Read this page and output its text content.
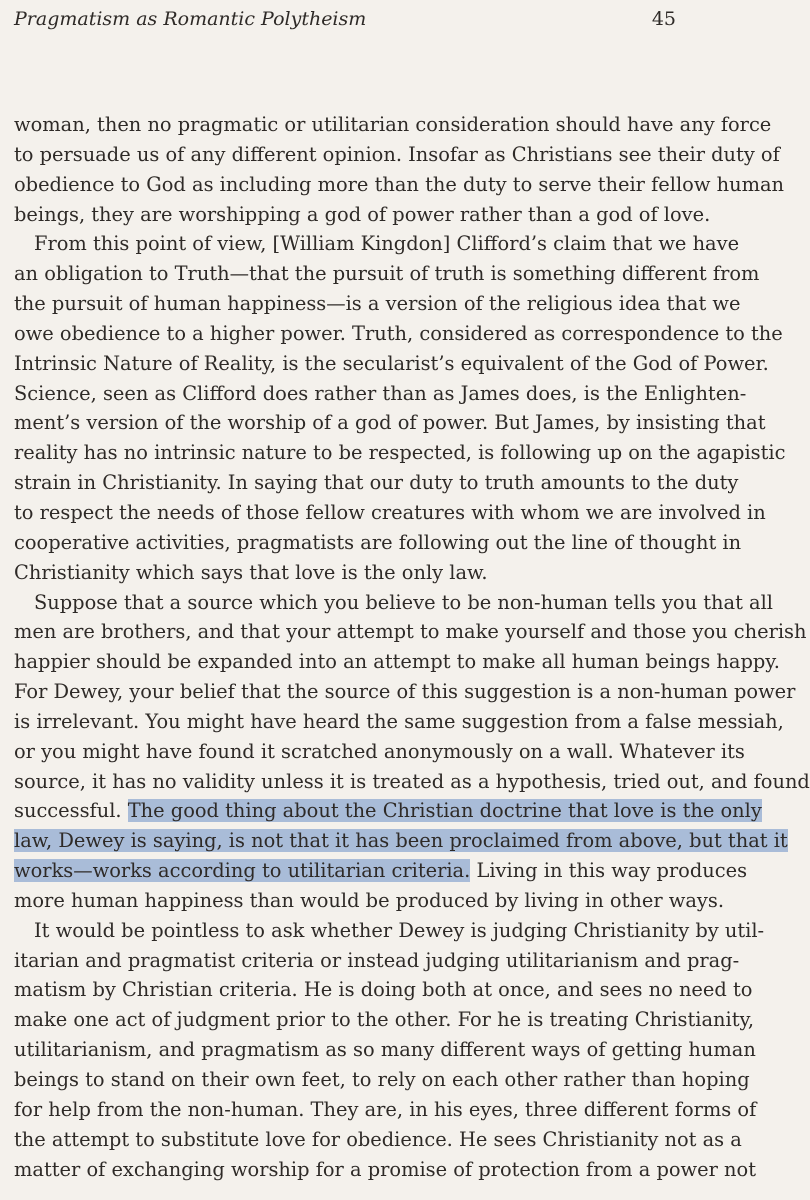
Pragmatism as Romantic Polytheism	45
woman, then no pragmatic or utilitarian consideration should have any force
to persuade us of any different opinion. Insofar as Christians see their duty of
obedience to God as including more than the duty to serve their fellow human
beings, they are worshipping a god of power rather than a god of love.
From this point of view, [William Kingdon] Clifford’s claim that we have
an obligation to Truth—that the pursuit of truth is something different from
the pursuit of human happiness—is a version of the religious idea that we
owe obedience to a higher power. Truth, considered as correspondence to the
Intrinsic Nature of Reality, is the secularist’s equivalent of the God of Power.
Science, seen as Clifford does rather than as James does, is the Enlighten-
ment’s version of the worship of a god of power. But James, by insisting that
reality has no intrinsic nature to be respected, is following up on the agapistic
strain in Christianity. In saying that our duty to truth amounts to the duty
to respect the needs of those fellow creatures with whom we are involved in
cooperative activities, pragmatists are following out the line of thought in
Christianity which says that love is the only law.
Suppose that a source which you believe to be non-human tells you that all
men are brothers, and that your attempt to make yourself and those you cherish
happier should be expanded into an attempt to make all human beings happy.
For Dewey, your belief that the source of this suggestion is a non-human power
is irrelevant. You might have heard the same suggestion from a false messiah,
or you might have found it scratched anonymously on a wall. Whatever its
source, it has no validity unless it is treated as a hypothesis, tried out, and found
successful. The good thing about the Christian doctrine that love is the only
law, Dewey is saying, is not that it has been proclaimed from above, but that it
works—works according to utilitarian criteria. Living in this way produces
more human happiness than would be produced by living in other ways.
It would be pointless to ask whether Dewey is judging Christianity by util-
itarian and pragmatist criteria or instead judging utilitarianism and prag-
matism by Christian criteria. He is doing both at once, and sees no need to
make one act of judgment prior to the other. For he is treating Christianity,
utilitarianism, and pragmatism as so many different ways of getting human
beings to stand on their own feet, to rely on each other rather than hoping
for help from the non-human. They are, in his eyes, three different forms of
the attempt to substitute love for obedience. He sees Christianity not as a
matter of exchanging worship for a promise of protection from a power not
